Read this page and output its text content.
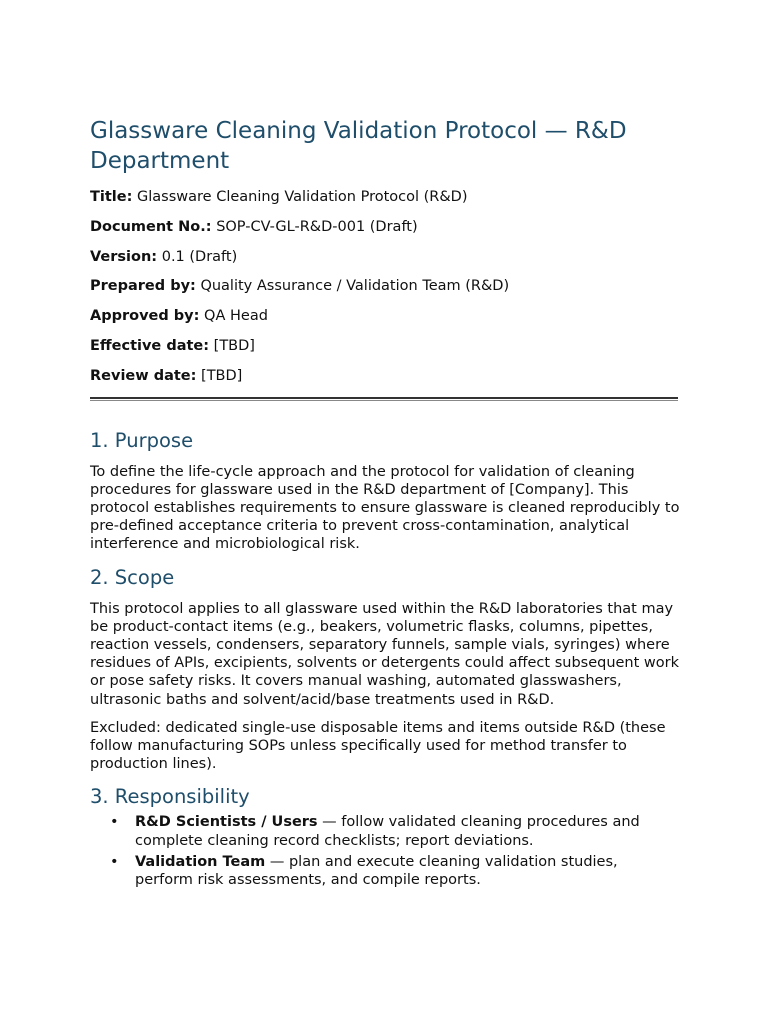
Glassware Cleaning Validation Protocol — R&D Department
Title: Glassware Cleaning Validation Protocol (R&D)
Document No.: SOP-CV-GL-R&D-001 (Draft)
Version: 0.1 (Draft)
Prepared by: Quality Assurance / Validation Team (R&D)
Approved by: QA Head
Effective date: [TBD]
Review date: [TBD]
1. Purpose

To define the life-cycle approach and the protocol for validation of cleaning procedures for glassware used in the R&D department of [Company]. This protocol establishes requirements to ensure glassware is cleaned reproducibly to pre-defined acceptance criteria to prevent cross-contamination, analytical interference and microbiological risk.

2. Scope

This protocol applies to all glassware used within the R&D laboratories that may be product-contact items (e.g., beakers, volumetric flasks, columns, pipettes, reaction vessels, condensers, separatory funnels, sample vials, syringes) where residues of APIs, excipients, solvents or detergents could affect subsequent work or pose safety risks. It covers manual washing, automated glasswashers, ultrasonic baths and solvent/acid/base treatments used in R&D.

Excluded: dedicated single-use disposable items and items outside R&D (these follow manufacturing SOPs unless specifically used for method transfer to production lines).

3. Responsibility
• R&D Scientists / Users — follow validated cleaning procedures and complete cleaning record checklists; report deviations.
• Validation Team — plan and execute cleaning validation studies, perform risk assessments, and compile reports.
